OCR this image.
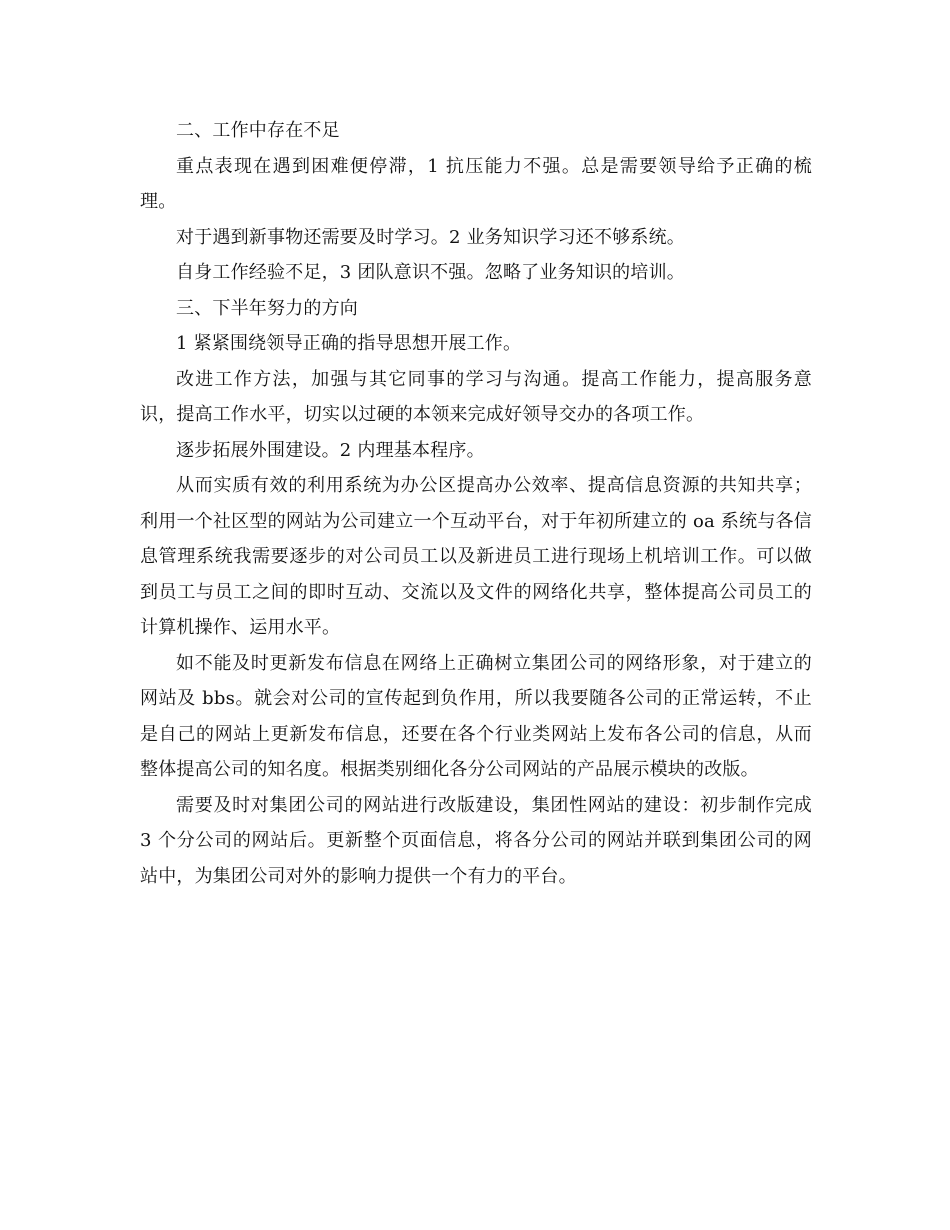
二、工作中存在不足

重点表现在遇到困难便停滞，1 抗压能力不强。总是需要领导给予正确的梳理。

对于遇到新事物还需要及时学习。2 业务知识学习还不够系统。

自身工作经验不足，3 团队意识不强。忽略了业务知识的培训。

三、下半年努力的方向

1 紧紧围绕领导正确的指导思想开展工作。

改进工作方法，加强与其它同事的学习与沟通。提高工作能力，提高服务意识，提高工作水平，切实以过硬的本领来完成好领导交办的各项工作。

逐步拓展外围建设。2 内理基本程序。

从而实质有效的利用系统为办公区提高办公效率、提高信息资源的共知共享；利用一个社区型的网站为公司建立一个互动平台，对于年初所建立的 oa 系统与各信息管理系统我需要逐步的对公司员工以及新进员工进行现场上机培训工作。可以做到员工与员工之间的即时互动、交流以及文件的网络化共享，整体提高公司员工的计算机操作、运用水平。

如不能及时更新发布信息在网络上正确树立集团公司的网络形象，对于建立的网站及 bbs。就会对公司的宣传起到负作用，所以我要随各公司的正常运转，不止是自己的网站上更新发布信息，还要在各个行业类网站上发布各公司的信息，从而整体提高公司的知名度。根据类别细化各分公司网站的产品展示模块的改版。

需要及时对集团公司的网站进行改版建设，集团性网站的建设：初步制作完成 3 个分公司的网站后。更新整个页面信息，将各分公司的网站并联到集团公司的网站中，为集团公司对外的影响力提供一个有力的平台。
